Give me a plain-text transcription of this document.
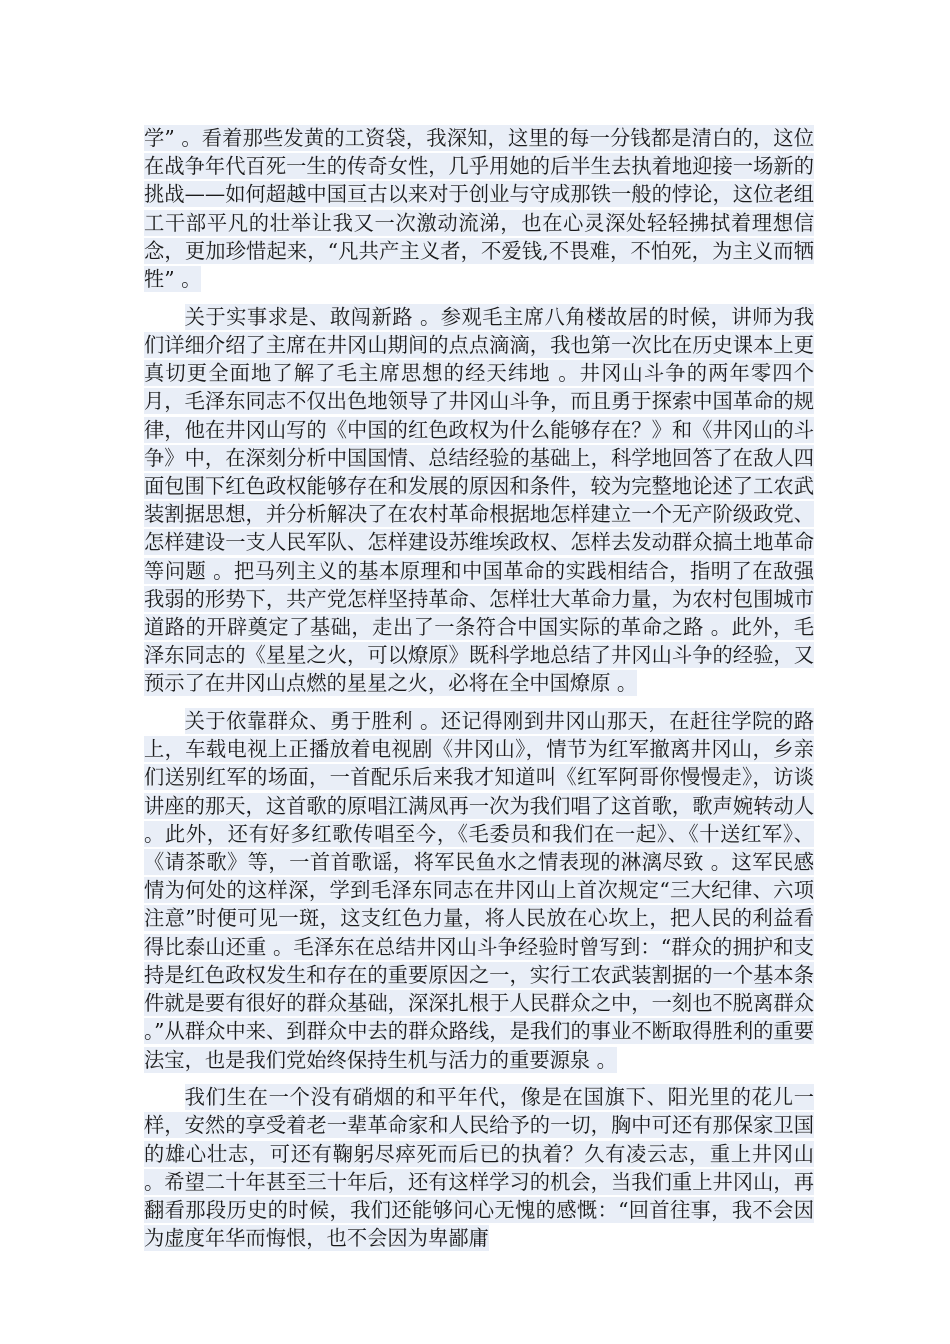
学” 。看着那些发黄的工资袋，我深知，这里的每一分钱都是清白的，这位在战争年代百死一生的传奇女性，几乎用她的后半生去执着地迎接一场新的挑战——如何超越中国亘古以来对于创业与守成那铁一般的悖论，这位老组工干部平凡的壮举让我又一次激动流涕，也在心灵深处轻轻拂拭着理想信念，更加珍惜起来，“凡共产主义者，不爱钱,不畏难，不怕死，为主义而牺牲” 。

关于实事求是、敢闯新路 。参观毛主席八角楼故居的时候，讲师为我们详细介绍了主席在井冈山期间的点点滴滴，我也第一次比在历史课本上更真切更全面地了解了毛主席思想的经天纬地 。井冈山斗争的两年零四个月，毛泽东同志不仅出色地领导了井冈山斗争，而且勇于探索中国革命的规律，他在井冈山写的《中国的红色政权为什么能够存在？》和《井冈山的斗争》中，在深刻分析中国国情、总结经验的基础上，科学地回答了在敌人四面包围下红色政权能够存在和发展的原因和条件，较为完整地论述了工农武装割据思想，并分析解决了在农村革命根据地怎样建立一个无产阶级政党、怎样建设一支人民军队、怎样建设苏维埃政权、怎样去发动群众搞土地革命等问题 。把马列主义的基本原理和中国革命的实践相结合，指明了在敌强我弱的形势下，共产党怎样坚持革命、怎样壮大革命力量，为农村包围城市道路的开辟奠定了基础，走出了一条符合中国实际的革命之路 。此外，毛泽东同志的《星星之火，可以燎原》既科学地总结了井冈山斗争的经验，又预示了在井冈山点燃的星星之火，必将在全中国燎原 。

关于依靠群众、勇于胜利 。还记得刚到井冈山那天，在赶往学院的路上，车载电视上正播放着电视剧《井冈山》，情节为红军撤离井冈山，乡亲们送别红军的场面，一首配乐后来我才知道叫《红军阿哥你慢慢走》，访谈讲座的那天，这首歌的原唱江满凤再一次为我们唱了这首歌，歌声婉转动人 。此外，还有好多红歌传唱至今，《毛委员和我们在一起》、《十送红军》、《请茶歌》等，一首首歌谣，将军民鱼水之情表现的淋漓尽致 。这军民感情为何处的这样深，学到毛泽东同志在井冈山上首次规定“三大纪律、六项注意”时便可见一斑，这支红色力量，将人民放在心坎上，把人民的利益看得比泰山还重 。毛泽东在总结井冈山斗争经验时曾写到：“群众的拥护和支持是红色政权发生和存在的重要原因之一，实行工农武装割据的一个基本条件就是要有很好的群众基础，深深扎根于人民群众之中，一刻也不脱离群众 。”从群众中来、到群众中去的群众路线，是我们的事业不断取得胜利的重要法宝，也是我们党始终保持生机与活力的重要源泉 。

我们生在一个没有硝烟的和平年代，像是在国旗下、阳光里的花儿一样，安然的享受着老一辈革命家和人民给予的一切，胸中可还有那保家卫国的雄心壮志，可还有鞠躬尽瘁死而后已的执着？久有凌云志，重上井冈山 。希望二十年甚至三十年后，还有这样学习的机会，当我们重上井冈山，再翻看那段历史的时候，我们还能够问心无愧的感慨：“回首往事，我不会因为虚度年华而悔恨，也不会因为卑鄙庸
